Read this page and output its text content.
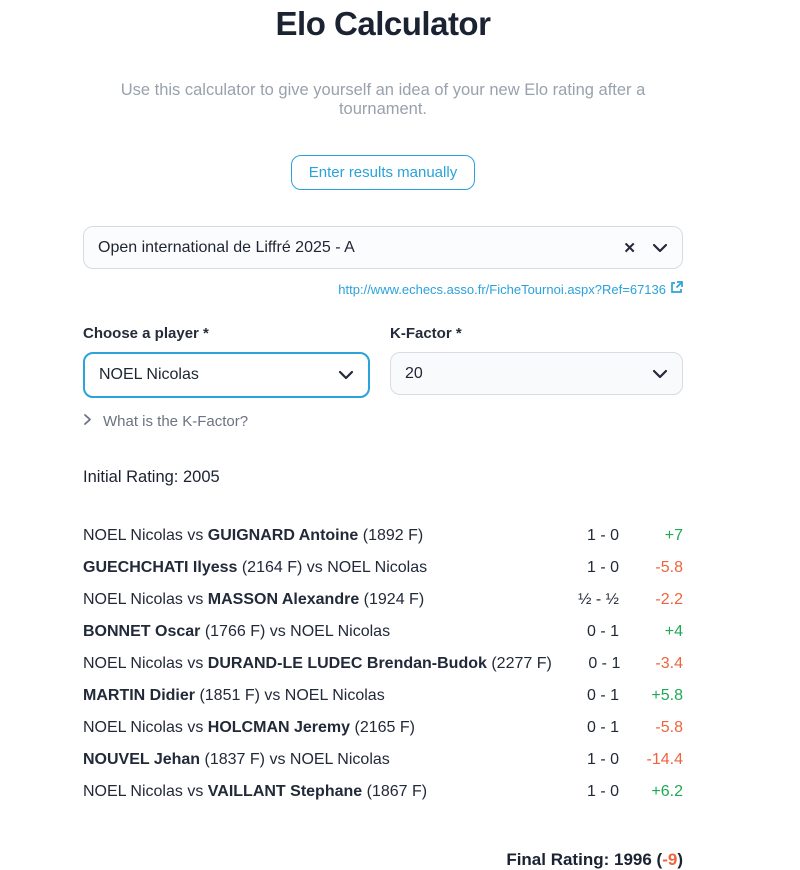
Elo Calculator

Use this calculator to give yourself an idea of your new Elo rating after a tournament.

Enter results manually
Open international de Liffré 2025 - A	✕
http://www.echecs.asso.fr/FicheTournoi.aspx?Ref=67136
Choose a player *
NOEL Nicolas
K-Factor *
20
What is the K-Factor?
Initial Rating: 2005
NOEL Nicolas vs GUIGNARD Antoine (1892 F)	1 - 0	+7
GUECHCHATI Ilyess (2164 F) vs NOEL Nicolas	1 - 0	-5.8
NOEL Nicolas vs MASSON Alexandre (1924 F)	½ - ½	-2.2
BONNET Oscar (1766 F) vs NOEL Nicolas	0 - 1	+4
NOEL Nicolas vs DURAND-LE LUDEC Brendan-Budok (2277 F)	0 - 1	-3.4
MARTIN Didier (1851 F) vs NOEL Nicolas	0 - 1	+5.8
NOEL Nicolas vs HOLCMAN Jeremy (2165 F)	0 - 1	-5.8
NOUVEL Jehan (1837 F) vs NOEL Nicolas	1 - 0	-14.4
NOEL Nicolas vs VAILLANT Stephane (1867 F)	1 - 0	+6.2
Final Rating: 1996 (-9)
